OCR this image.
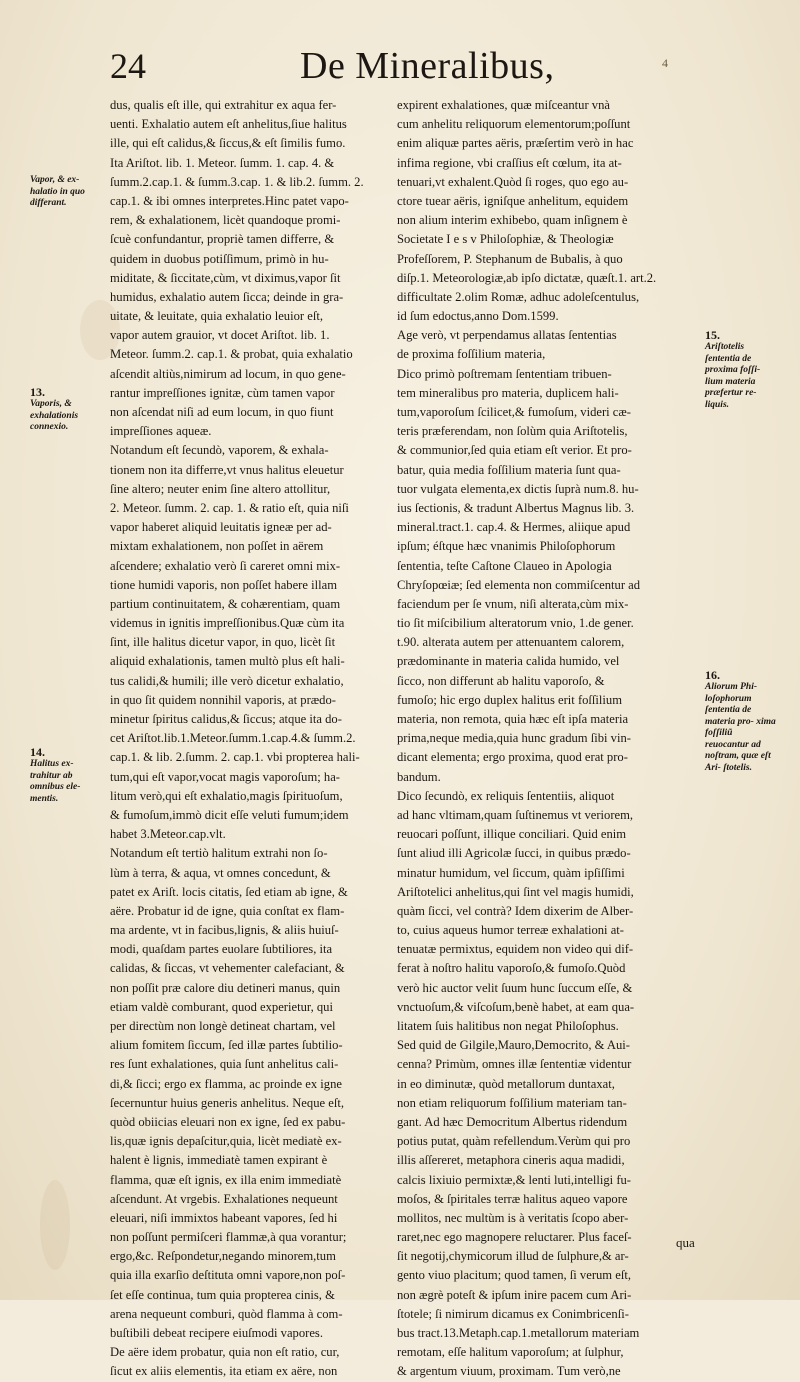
24	De Mineralibus,	4
dus, qualis eſt ille, qui extrahitur ex aqua fer-
uenti. Exhalatio autem eſt anhelitus,ſiue halitus
ille, qui eſt calidus,& ſiccus,& eſt ſimilis fumo.
Ita Ariſtot. lib. 1. Meteor. ſumm. 1. cap. 4. &
ſumm.2.cap.1. & ſumm.3.cap. 1. & lib.2. ſumm. 2.
cap.1. & ibi omnes interpretes.Hinc patet vapo-
rem, & exhalationem, licèt quandoque promi-
ſcuè confundantur, propriè tamen differre, &
quidem in duobus potiſſimum, primò in hu-
miditate, & ſiccitate,cùm, vt diximus,vapor ſit
humidus, exhalatio autem ſicca; deinde in gra-
uitate, & leuitate, quia exhalatio leuior eſt,
vapor autem grauior, vt docet Ariſtot. lib. 1.
Meteor. ſumm.2. cap.1. & probat, quia exhalatio
aſcendit altiùs,nimirum ad locum, in quo gene-
rantur impreſſiones ignitæ, cùm tamen vapor
non aſcendat niſi ad eum locum, in quo fiunt
impreſſiones aqueæ.
Notandum eſt ſecundò, vaporem, & exhala-
tionem non ita differre,vt vnus halitus eleuetur
ſine altero; neuter enim ſine altero attollitur,
2. Meteor. ſumm. 2. cap. 1. & ratio eſt, quia niſi
vapor haberet aliquid leuitatis igneæ per ad-
mixtam exhalationem, non poſſet in aërem
aſcendere; exhalatio verò ſi careret omni mix-
tione humidi vaporis, non poſſet habere illam
partium continuitatem, & cohærentiam, quam
videmus in ignitis impreſſionibus.Quæ cùm ita
ſint, ille halitus dicetur vapor, in quo, licèt ſit
aliquid exhalationis, tamen multò plus eſt hali-
tus calidi,& humili; ille verò dicetur exhalatio,
in quo ſit quidem nonnihil vaporis, at prædo-
minetur ſpiritus calidus,& ſiccus; atque ita do-
cet Ariſtot.lib.1.Meteor.ſumm.1.cap.4.& ſumm.2.
cap.1. & lib. 2.ſumm. 2. cap.1. vbi propterea hali-
tum,qui eſt vapor,vocat magis vaporoſum; ha-
litum verò,qui eſt exhalatio,magis ſpirituoſum,
& fumoſum,immò dicit eſſe veluti fumum;idem
habet 3.Meteor.cap.vlt.
Notandum eſt tertiò halitum extrahi non ſo-
lùm à terra, & aqua, vt omnes concedunt, &
patet ex Ariſt. locis citatis, ſed etiam ab igne, &
aëre. Probatur id de igne, quia conſtat ex flam-
ma ardente, vt in facibus,lignis, & aliis huiuſ-
modi, quaſdam partes euolare ſubtiliores, ita
calidas, & ſiccas, vt vehementer calefaciant, &
non poſſit præ calore diu detineri manus, quin
etiam valdè comburant, quod experietur, qui
per directùm non longè detineat chartam, vel
alium fomitem ſiccum, ſed illæ partes ſubtilio-
res ſunt exhalationes, quia ſunt anhelitus cali-
di,& ſicci; ergo ex flamma, ac proinde ex igne
ſecernuntur huius generis anhelitus. Neque eſt,
quòd obiicias eleuari non ex igne, ſed ex pabu-
lis,quæ ignis depaſcitur,quia, licèt mediatè ex-
halent è lignis, immediatè tamen expirant è
flamma, quæ eſt ignis, ex illa enim immediatè
aſcendunt. At vrgebis. Exhalationes nequeunt
eleuari, niſi immixtos habeant vapores, ſed hi
non poſſunt permiſceri flammæ,à qua vorantur;
ergo,&c. Reſpondetur,negando minorem,tum
quia illa exarſio deſtituta omni vapore,non poſ-
ſet eſſe continua, tum quia propterea cinis, &
arena nequeunt comburi, quòd flamma à com-
buſtibili debeat recipere eiuſmodi vapores.
De aëre idem probatur, quia non eſt ratio, cur,
ſicut ex aliis elementis, ita etiam ex aëre, non
expirent exhalationes, quæ miſceantur vnà
cum anhelitu reliquorum elementorum;poſſunt
enim aliquæ partes aëris, præſertim verò in hac
infima regione, vbi craſſius eſt cœlum, ita at-
tenuari,vt exhalent.Quòd ſi roges, quo ego au-
ctore tuear aëris, igniſque anhelitum, equidem
non alium interim exhibebo, quam inſignem è
Societate I e s v Philoſophiæ, & Theologiæ
Profeſſorem, P. Stephanum de Bubalis, à quo
diſp.1. Meteorologiæ,ab ipſo dictatæ, quæſt.1. art.2.
difficultate 2.olim Romæ, adhuc adoleſcentulus,
id ſum edoctus,anno Dom.1599.
Age verò, vt perpendamus allatas ſententias
de proxima foſſilium materia,
Dico primò poſtremam ſententiam tribuen-
tem mineralibus pro materia, duplicem hali-
tum,vaporoſum ſcilicet,& fumoſum, videri cæ-
teris præferendam, non ſolùm quia Ariſtotelis,
& communior,ſed quia etiam eſt verior. Et pro-
batur, quia media foſſilium materia ſunt qua-
tuor vulgata elementa,ex dictis ſuprà num.8. hu-
ius ſectionis, & tradunt Albertus Magnus lib. 3.
mineral.tract.1. cap.4. & Hermes, aliique apud
ipſum; éſtque hæc vnanimis Philoſophorum
ſententia, teſte Caſtone Claueo in Apologia
Chryſopœiæ; ſed elementa non commiſcentur ad
faciendum per ſe vnum, niſi alterata,cùm mix-
tio ſit miſcibilium alteratorum vnio, 1.de gener.
t.90. alterata autem per attenuantem calorem,
prædominante in materia calida humido, vel
ſicco, non differunt ab halitu vaporoſo, &
fumoſo; hic ergo duplex halitus erit foſſilium
materia, non remota, quia hæc eſt ipſa materia
prima,neque media,quia hunc gradum ſibi vin-
dicant elementa; ergo proxima, quod erat pro-
bandum.
Dico ſecundò, ex reliquis ſententiis, aliquot
ad hanc vltimam,quam ſuſtinemus vt veriorem,
reuocari poſſunt, illique conciliari. Quid enim
ſunt aliud illi Agricolæ ſucci, in quibus prædo-
minatur humidum, vel ſiccum, quàm ipſiſſimi
Ariſtotelici anhelitus,qui ſint vel magis humidi,
quàm ſicci, vel contrà? Idem dixerim de Alber-
to, cuius aqueus humor terreæ exhalationi at-
tenuatæ permixtus, equidem non video qui dif-
ferat à noſtro halitu vaporoſo,& fumoſo.Quòd
verò hic auctor velit ſuum hunc ſuccum eſſe, &
vnctuoſum,& viſcoſum,benè habet, at eam qua-
litatem ſuis halitibus non negat Philoſophus.
Sed quid de Gilgile,Mauro,Democrito, & Aui-
cenna? Primùm, omnes illæ ſententiæ videntur
in eo diminutæ, quòd metallorum duntaxat,
non etiam reliquorum foſſilium materiam tan-
gant. Ad hæc Democritum Albertus ridendum
potius putat, quàm refellendum.Verùm qui pro
illis aſſereret, metaphora cineris aqua madidi,
calcis lixiuio permixtæ,& lenti luti,intelligi fu-
moſos, & ſpiritales terræ halitus aqueo vapore
mollitos, nec multùm is à veritatis ſcopo aber-
raret,nec ego magnopere reluctarer. Plus faceſ-
ſit negotij,chymicorum illud de ſulphure,& ar-
gento viuo placitum; quod tamen, ſi verum eſt,
non ægrè poteſt & ipſum inire pacem cum Ari-
ſtotele; ſi nimirum dicamus ex Conimbricenſi-
bus tract.13.Metaph.cap.1.metallorum materiam
remotam, eſſe halitum vaporoſum; at ſulphur,
& argentum viuum, proximam. Tum verò,ne
Vapor, & ex- halatio in quo differant.
13.
Vaporis, & exhalationis connexio.
14.
Halitus ex- trahitur ab omnibus ele- mentis.
15.
Ariſtotelis ſententia de proxima foſſi- lium materia præfertur re- liquis.
16.
Aliorum Phi- loſophorum ſententia de materia pro- xima foſſiliũ reuocantur ad noſtram, quæ eſt Ari- ſtotelis.
qua
